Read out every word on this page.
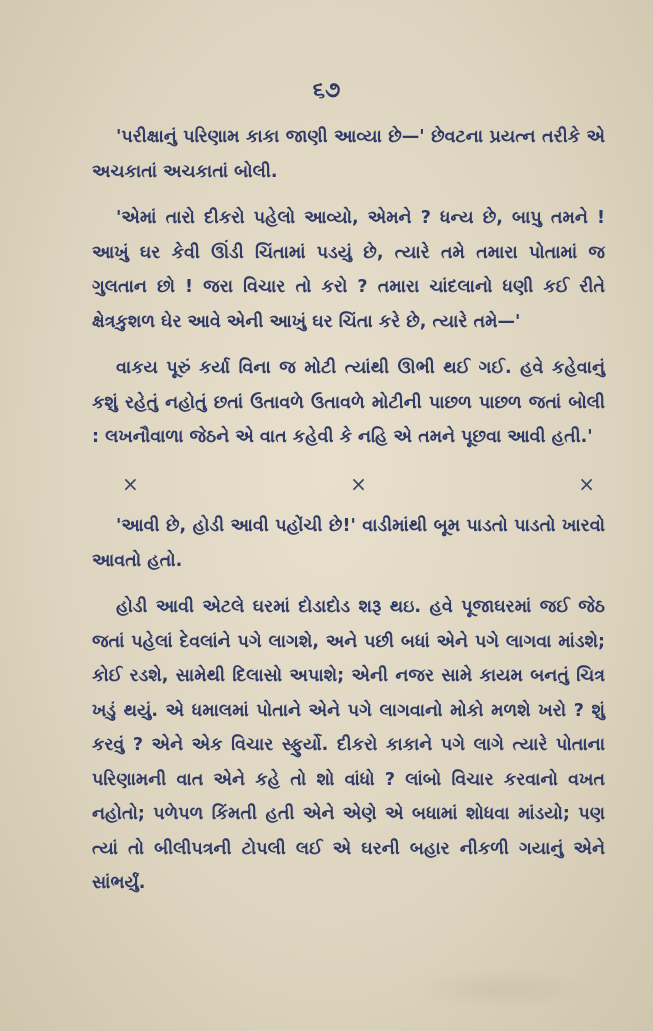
૬૭

'પરીક્ષાનું પરિણામ કાકા જાણી આવ્યા છે—' છેવટના પ્રયત્ન તરીકે એ અચકાતાં અચકાતાં બોલી.

'એમાં તારો દીકરો પહેલો આવ્યો, એમને ? ધન્ય છે, બાપુ તમને ! આખું ઘર કેવી ઊંડી ચિંતામાં પડયું છે, ત્યારે તમે તમારા પોતામાં જ ગુલતાન છો ! જરા વિચાર તો કરો ? તમારા ચાંદલાનો ધણી કઈ રીતે ક્ષેત્રકુશળ ઘેર આવે એની આખું ઘર ચિંતા કરે છે, ત્યારે તમે—'

વાકય પૂરું કર્યા વિના જ મોટી ત્યાંથી ઊભી થઈ ગઈ. હવે કહેવાનું કશું રહેતું નહોતું છતાં ઉતાવળે ઉતાવળે મોટીની પાછળ પાછળ જતાં બોલી : લખનૌવાળા જેઠને એ વાત કહેવી કે નહિ એ તમને પૂછવા આવી હતી.'

×	×	×

'આવી છે, હોડી આવી પહોંચી છે!' વાડીમાંથી બૂમ પાડતો પાડતો ખારવો આવતો હતો.

હોડી આવી એટલે ઘરમાં દોડાદોડ શરૂ થઇ. હવે પૂજાઘરમાં જઈ જેઠ જતાં પહેલાં દેવલાંને પગે લાગશે, અને પછી બધાં એને પગે લાગવા માંડશે; કોઈ રડશે, સામેથી દિલાસો અપાશે; એની નજર સામે કાયમ બનતું ચિત્ર ખડું થયું. એ ધમાલમાં પોતાને એને પગે લાગવાનો મોકો મળશે ખરો ? શું કરવું ? એને એક વિચાર સ્ફુર્યો. દીકરો કાકાને પગે લાગે ત્યારે પોતાના પરિણામની વાત એને કહે તો શો વાંધો ? લાંબો વિચાર કરવાનો વખત નહોતો; પળેપળ કિંમતી હતી એને એણે એ બધામાં શોધવા માંડયો; પણ ત્યાં તો બીલીપત્રની ટોપલી લઈ એ ઘરની બહાર નીકળી ગયાનું એને સાંભર્યું.
